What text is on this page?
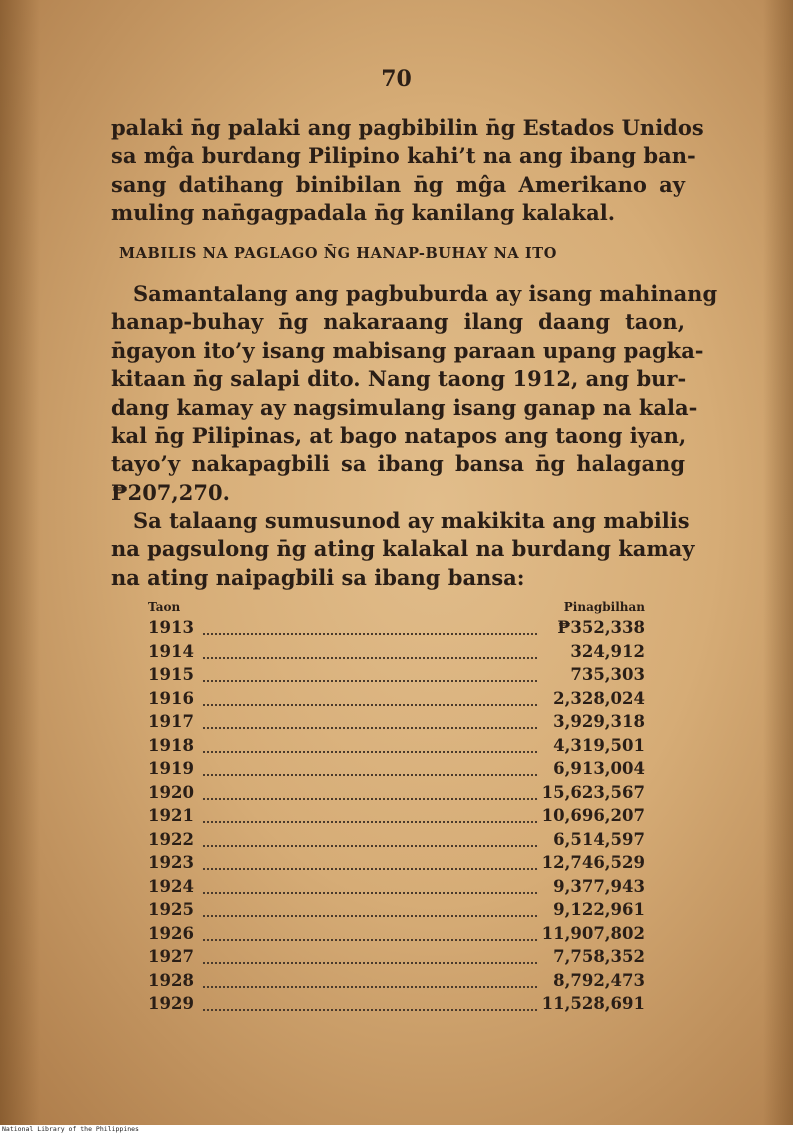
70
palaki n̄g palaki ang pagbibilin n̄g Estados Unidos
sa mĝa burdang Pilipino kahi’t na ang ibang ban-
sang datihang binibilan n̄g mĝa Amerikano ay
muling nan̄gagpadala n̄g kanilang kalakal.
MABILIS NA PAGLAGO N̄G HANAP-BUHAY NA ITO
Samantalang ang pagbuburda ay isang mahinang
hanap-buhay n̄g nakaraang ilang daang taon,
n̄gayon ito’y isang mabisang paraan upang pagka-
kitaan n̄g salapi dito. Nang taong 1912, ang bur-
dang kamay ay nagsimulang isang ganap na kala-
kal n̄g Pilipinas, at bago natapos ang taong iyan,
tayo’y nakapagbili sa ibang bansa n̄g halagang
₱207,270.
Sa talaang sumusunod ay makikita ang mabilis
na pagsulong n̄g ating kalakal na burdang kamay
na ating naipagbili sa ibang bansa:
Taon	Pinagbilhan
1913	₱352,338
1914	324,912
1915	735,303
1916	2,328,024
1917	3,929,318
1918	4,319,501
1919	6,913,004
1920	15,623,567
1921	10,696,207
1922	6,514,597
1923	12,746,529
1924	9,377,943
1925	9,122,961
1926	11,907,802
1927	7,758,352
1928	8,792,473
1929	11,528,691
National Library of the Philippines
